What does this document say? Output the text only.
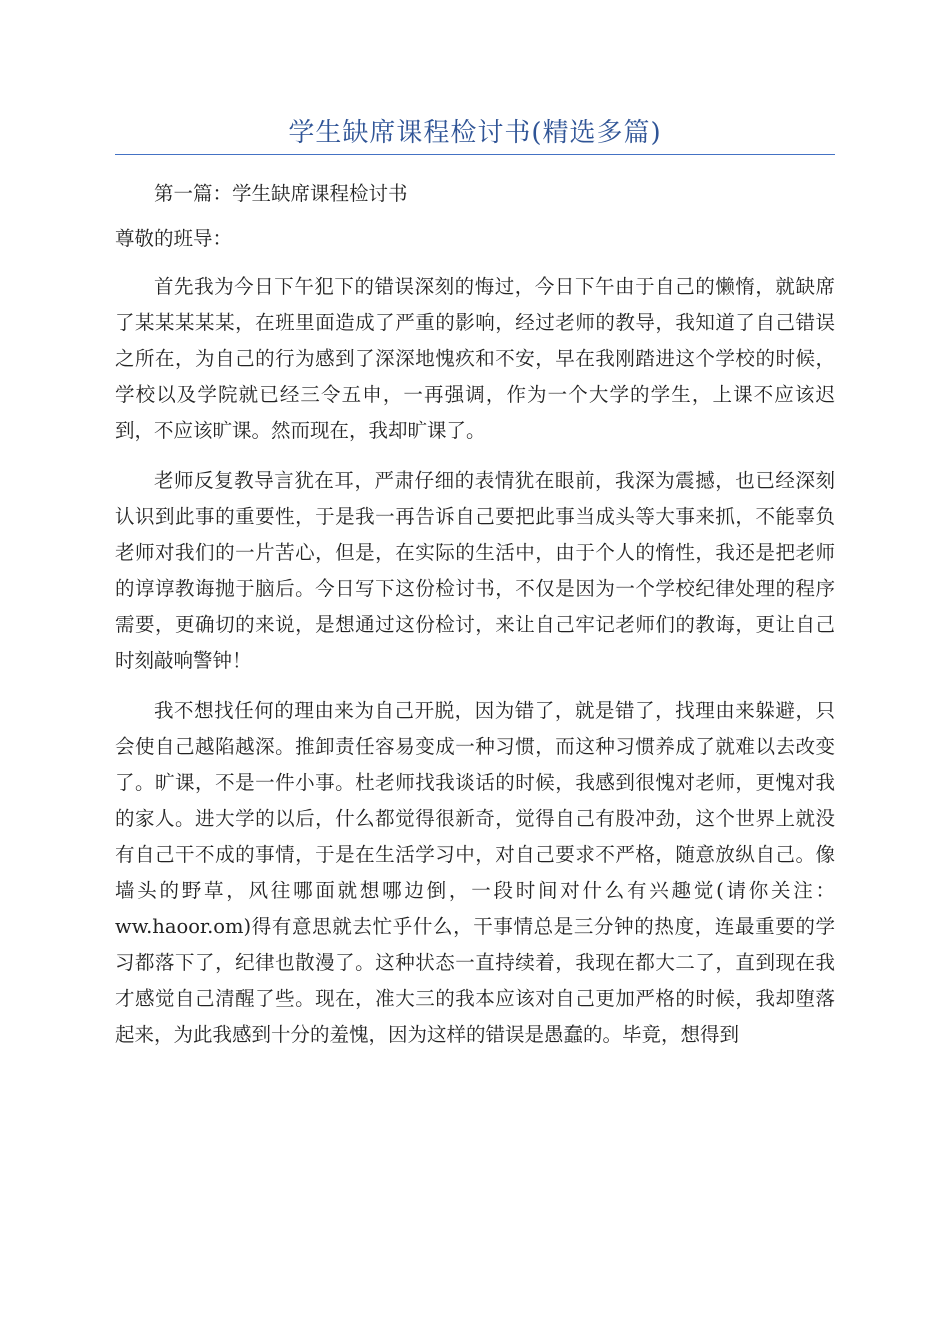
学生缺席课程检讨书(精选多篇)

第一篇：学生缺席课程检讨书

尊敬的班导：

首先我为今日下午犯下的错误深刻的悔过，今日下午由于自己的懒惰，就缺席了某某某某某，在班里面造成了严重的影响，经过老师的教导，我知道了自己错误之所在，为自己的行为感到了深深地愧疚和不安，早在我刚踏进这个学校的时候，学校以及学院就已经三令五申，一再强调，作为一个大学的学生，上课不应该迟到，不应该旷课。然而现在，我却旷课了。

老师反复教导言犹在耳，严肃仔细的表情犹在眼前，我深为震撼，也已经深刻认识到此事的重要性，于是我一再告诉自己要把此事当成头等大事来抓，不能辜负老师对我们的一片苦心，但是，在实际的生活中，由于个人的惰性，我还是把老师的谆谆教诲抛于脑后。今日写下这份检讨书，不仅是因为一个学校纪律处理的程序需要，更确切的来说，是想通过这份检讨，来让自己牢记老师们的教诲，更让自己时刻敲响警钟！

我不想找任何的理由来为自己开脱，因为错了，就是错了，找理由来躲避，只会使自己越陷越深。推卸责任容易变成一种习惯，而这种习惯养成了就难以去改变了。旷课，不是一件小事。杜老师找我谈话的时候，我感到很愧对老师，更愧对我的家人。进大学的以后，什么都觉得很新奇，觉得自己有股冲劲，这个世界上就没有自己干不成的事情，于是在生活学习中，对自己要求不严格，随意放纵自己。像墙头的野草，风往哪面就想哪边倒，一段时间对什么有兴趣觉(请你关注：ww.haoor.om)得有意思就去忙乎什么，干事情总是三分钟的热度，连最重要的学习都落下了，纪律也散漫了。这种状态一直持续着，我现在都大二了，直到现在我才感觉自己清醒了些。现在，准大三的我本应该对自己更加严格的时候，我却堕落起来，为此我感到十分的羞愧，因为这样的错误是愚蠢的。毕竟，想得到
